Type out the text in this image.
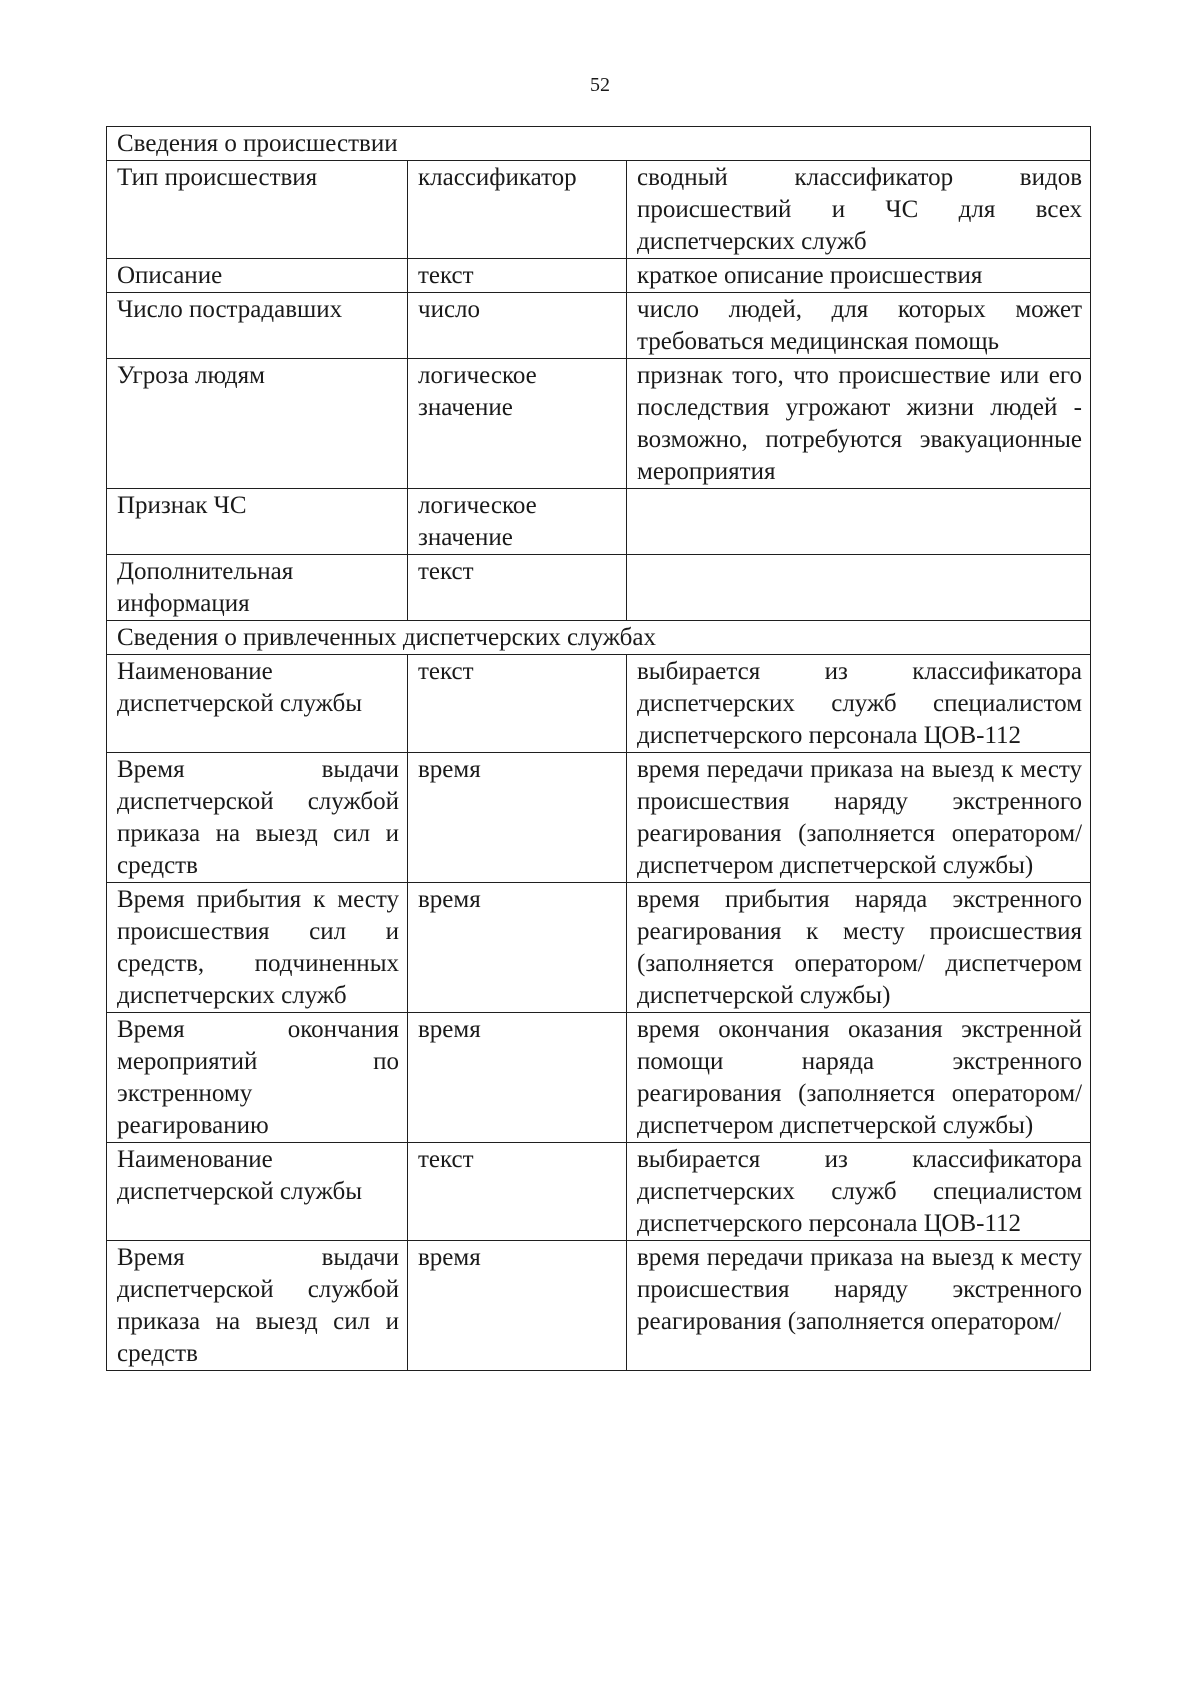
52
Сведения о происшествии		
Тип происшествия	классификатор	сводный классификатор видов происшествий и ЧС для всех диспетчерских служб
Описание	текст	краткое описание происшествия
Число пострадавших	число	число людей, для которых может требоваться медицинская помощь
Угроза людям	логическое значение	признак того, что происшествие или его последствия угрожают жизни людей - возможно, потребуются эвакуационные мероприятия
Признак ЧС	логическое значение	
Дополнительная информация	текст	
Сведения о привлеченных диспетчерских службах		
Наименование диспетчерской службы	текст	выбирается из классификатора диспетчерских служб специалистом диспетчерского персонала ЦОВ-112
Время выдачи диспетчерской службой приказа на выезд сил и средств	время	время передачи приказа на выезд к месту происшествия наряду экстренного реагирования (заполняется оператором/ диспетчером диспетчерской службы)
Время прибытия к месту происшествия сил и средств, подчиненных диспетчерских служб	время	время прибытия наряда экстренного реагирования к месту происшествия (заполняется оператором/ диспетчером диспетчерской службы)
Время окончания мероприятий по экстренному реагированию	время	время окончания оказания экстренной помощи наряда экстренного реагирования (заполняется оператором/ диспетчером диспетчерской службы)
Наименование диспетчерской службы	текст	выбирается из классификатора диспетчерских служб специалистом диспетчерского персонала ЦОВ-112
Время выдачи диспетчерской службой приказа на выезд сил и средств	время	время передачи приказа на выезд к месту происшествия наряду экстренного реагирования (заполняется оператором/
